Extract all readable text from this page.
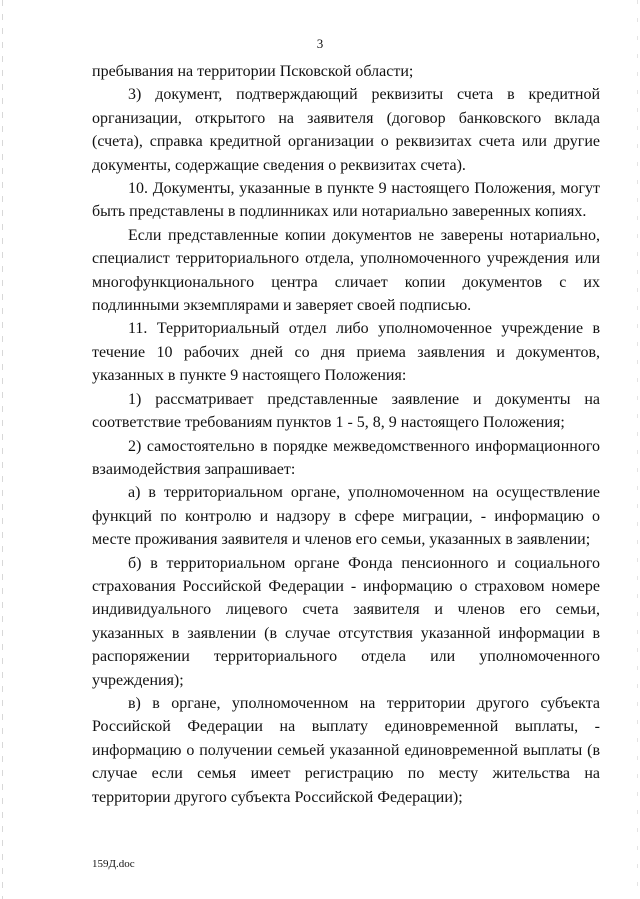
3

пребывания на территории Псковской области;

3) документ, подтверждающий реквизиты счета в кредитной организации, открытого на заявителя (договор банковского вклада (счета), справка кредитной организации о реквизитах счета или другие документы, содержащие сведения о реквизитах счета).

10. Документы, указанные в пункте 9 настоящего Положения, могут быть представлены в подлинниках или нотариально заверенных копиях.

Если представленные копии документов не заверены нотариально, специалист территориального отдела, уполномоченного учреждения или многофункционального центра сличает копии документов с их подлинными экземплярами и заверяет своей подписью.

11. Территориальный отдел либо уполномоченное учреждение в течение 10 рабочих дней со дня приема заявления и документов, указанных в пункте 9 настоящего Положения:

1) рассматривает представленные заявление и документы на соответствие требованиям пунктов 1 - 5, 8, 9 настоящего Положения;

2) самостоятельно в порядке межведомственного информационного взаимодействия запрашивает:

а) в территориальном органе, уполномоченном на осуществление функций по контролю и надзору в сфере миграции, - информацию о месте проживания заявителя и членов его семьи, указанных в заявлении;

б) в территориальном органе Фонда пенсионного и социального страхования Российской Федерации - информацию о страховом номере индивидуального лицевого счета заявителя и членов его семьи, указанных в заявлении (в случае отсутствия указанной информации в распоряжении территориального отдела или уполномоченного учреждения);

в) в органе, уполномоченном на территории другого субъекта Российской Федерации на выплату единовременной выплаты, - информацию о получении семьей указанной единовременной выплаты (в случае если семья имеет регистрацию по месту жительства на территории другого субъекта Российской Федерации);

159Д.doc
